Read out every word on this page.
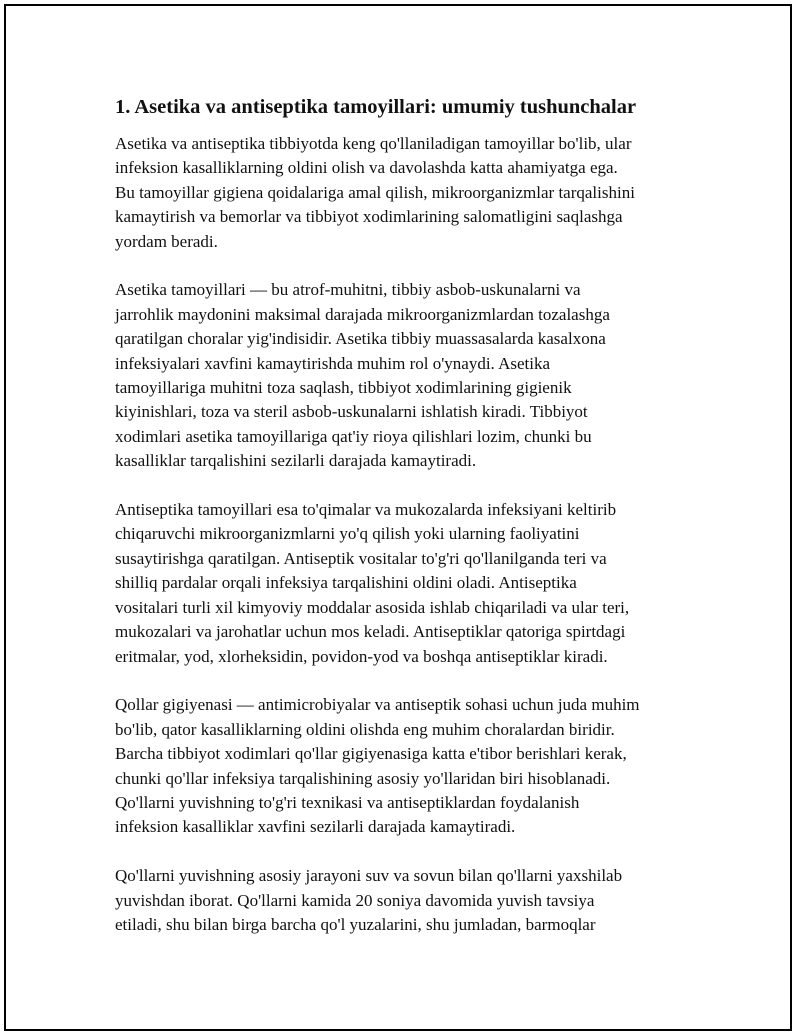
1. Asetika va antiseptika tamoyillari: umumiy tushunchalar

Asetika va antiseptika tibbiyotda keng qo'llaniladigan tamoyillar bo'lib, ular
infeksion kasalliklarning oldini olish va davolashda katta ahamiyatga ega.
Bu tamoyillar gigiena qoidalariga amal qilish, mikroorganizmlar tarqalishini
kamaytirish va bemorlar va tibbiyot xodimlarining salomatligini saqlashga
yordam beradi.

Asetika tamoyillari — bu atrof-muhitni, tibbiy asbob-uskunalarni va
jarrohlik maydonini maksimal darajada mikroorganizmlardan tozalashga
qaratilgan choralar yig'indisidir. Asetika tibbiy muassasalarda kasalxona
infeksiyalari xavfini kamaytirishda muhim rol o'ynaydi. Asetika
tamoyillariga muhitni toza saqlash, tibbiyot xodimlarining gigienik
kiyinishlari, toza va steril asbob-uskunalarni ishlatish kiradi. Tibbiyot
xodimlari asetika tamoyillariga qat'iy rioya qilishlari lozim, chunki bu
kasalliklar tarqalishini sezilarli darajada kamaytiradi.

Antiseptika tamoyillari esa to'qimalar va mukozalarda infeksiyani keltirib
chiqaruvchi mikroorganizmlarni yo'q qilish yoki ularning faoliyatini
susaytirishga qaratilgan. Antiseptik vositalar to'g'ri qo'llanilganda teri va
shilliq pardalar orqali infeksiya tarqalishini oldini oladi. Antiseptika
vositalari turli xil kimyoviy moddalar asosida ishlab chiqariladi va ular teri,
mukozalari va jarohatlar uchun mos keladi. Antiseptiklar qatoriga spirtdagi
eritmalar, yod, xlorheksidin, povidon-yod va boshqa antiseptiklar kiradi.

Qollar gigiyenasi — antimicrobiyalar va antiseptik sohasi uchun juda muhim
bo'lib, qator kasalliklarning oldini olishda eng muhim choralardan biridir.
Barcha tibbiyot xodimlari qo'llar gigiyenasiga katta e'tibor berishlari kerak,
chunki qo'llar infeksiya tarqalishining asosiy yo'llaridan biri hisoblanadi.
Qo'llarni yuvishning to'g'ri texnikasi va antiseptiklardan foydalanish
infeksion kasalliklar xavfini sezilarli darajada kamaytiradi.

Qo'llarni yuvishning asosiy jarayoni suv va sovun bilan qo'llarni yaxshilab
yuvishdan iborat. Qo'llarni kamida 20 soniya davomida yuvish tavsiya
etiladi, shu bilan birga barcha qo'l yuzalarini, shu jumladan, barmoqlar
